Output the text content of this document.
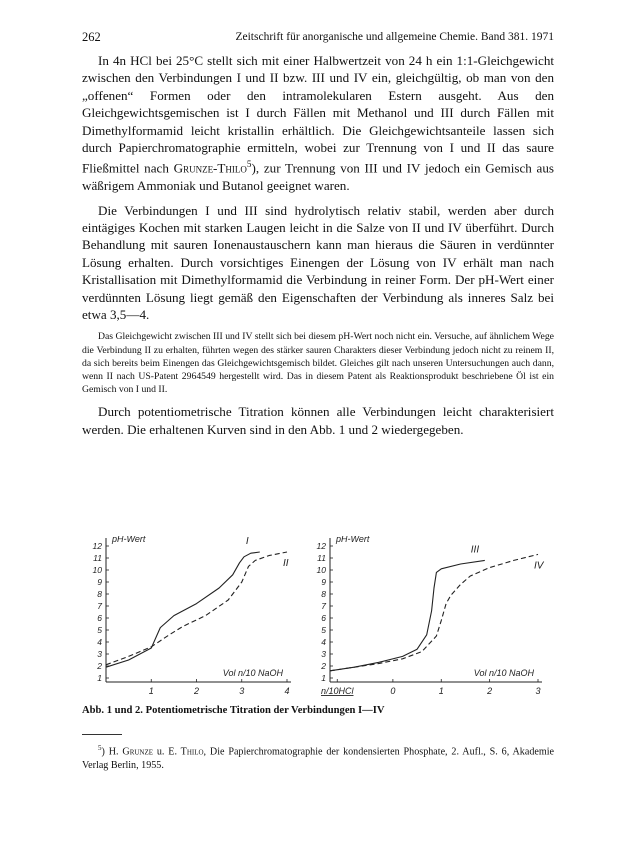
262	Zeitschrift für anorganische und allgemeine Chemie. Band 381. 1971

In 4n HCl bei 25°C stellt sich mit einer Halbwertzeit von 24 h ein 1:1-Gleichgewicht zwischen den Verbindungen I und II bzw. III und IV ein, gleichgültig, ob man von den „offenen“ Formen oder den intramolekularen Estern ausgeht. Aus den Gleichgewichtsgemischen ist I durch Fällen mit Methanol und III durch Fällen mit Dimethylformamid leicht kristallin erhältlich. Die Gleichgewichtsanteile lassen sich durch Papierchromatographie ermitteln, wobei zur Trennung von I und II das saure Fließmittel nach Grunze-Thilo$^5$), zur Trennung von III und IV jedoch ein Gemisch aus wäßrigem Ammoniak und Butanol geeignet waren.

Die Verbindungen I und III sind hydrolytisch relativ stabil, werden aber durch eintägiges Kochen mit starken Laugen leicht in die Salze von II und IV überführt. Durch Behandlung mit sauren Ionenaustauschern kann man hieraus die Säuren in verdünnter Lösung erhalten. Durch vorsichtiges Einengen der Lösung von IV erhält man nach Kristallisation mit Dimethylformamid die Verbindung in reiner Form. Der pH-Wert einer verdünnten Lösung liegt gemäß den Eigenschaften der Verbindung als inneres Salz bei etwa 3,5—4.

Das Gleichgewicht zwischen III und IV stellt sich bei diesem pH-Wert noch nicht ein. Versuche, auf ähnlichem Wege die Verbindung II zu erhalten, führten wegen des stärker sauren Charakters dieser Verbindung jedoch nicht zu reinem II, da sich bereits beim Einengen das Gleichgewichtsgemisch bildet. Gleiches gilt nach unseren Untersuchungen auch dann, wenn II nach US-Patent 2964549 hergestellt wird. Das in diesem Patent als Reaktionsprodukt beschriebene Öl ist ein Gemisch von I und II.

Durch potentiometrische Titration können alle Verbindungen leicht charakterisiert werden. Die erhaltenen Kurven sind in den Abb. 1 und 2 wiedergegeben.

1
2
3
4
5
6
7
8
9
10
11
12
1	2	3	4
pH-Wert
Vol n/10 NaOH
I
II
1
2
3
4
5
6
7
8
9
10
11
12
n/10HCl	0	1	2	3
pH-Wert
Vol n/10 NaOH
III
IV
Abb. 1 und 2. Potentiometrische Titration der Verbindungen I—IV
$^5$) H. Grunze u. E. Thilo, Die Papierchromatographie der kondensierten Phosphate, 2. Aufl., S. 6, Akademie Verlag Berlin, 1955.
